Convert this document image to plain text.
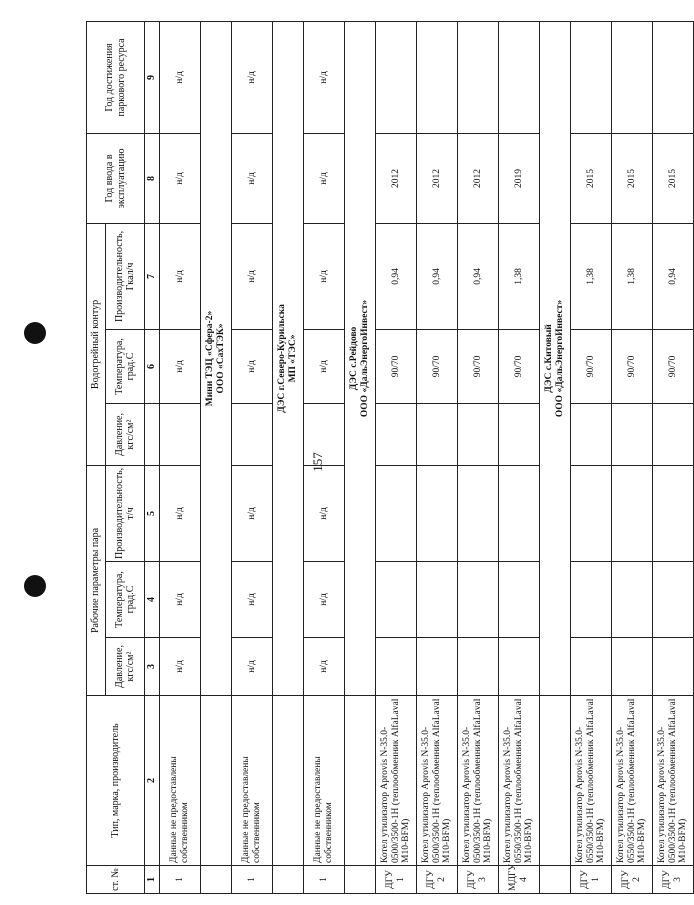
157
ст. №	Тип, марка, производитель	Рабочие параметры пара			Водогрейный контур			Год ввода в эксплуатацию	Год достижения паркового ресурса
		Давление, кгс/см²	Температура, град.С	Производительность, т/ч	Давление, кгс/см²	Температура, град.С	Производительность, Гкал/ч		
1	2	3	4	5		6	7	8	9
1	Данные не предоставлены собственником	н/д	н/д	н/д		н/д	н/д	н/д	н/д

		Мини ТЭЦ «Сфера-2» ООО «СахТЭК»							

1	Данные не предоставлены собственником	н/д	н/д	н/д		н/д	н/д	н/д	н/д

		ДЭС г.Северо-Курильска МП «ТЭС»							

1	Данные не предоставлены собственником	н/д	н/д	н/д		н/д	н/д	н/д	н/д

		ДЭС с.Рейдово ООО «ДальЭнергоИнвест»							

ДГУ 1	Котел утилизатор Aprovis N-35.0-0500/3500-1H (теплообменник AlfaLaval M10-BFM)					90/70	0,94	2012	
ДГУ 2	Котел утилизатор Aprovis N-35.0-0500/3500-1H (теплообменник AlfaLaval M10-BFM)					90/70	0,94	2012	
ДГУ 3	Котел утилизатор Aprovis N-35.0-0500/3500-1H (теплообменник AlfaLaval M10-BFM)					90/70	0,94	2012	
МДГУ 4	Котел утилизатор Aprovis N-35.0-0550/3500-1H (теплообменник AlfaLaval M10-BFM)					90/70	1,38	2019	

		ДЭС с.Китовый ООО «ДальЭнергоИнвест»							

ДГУ 1	Котел утилизатор Aprovis N-35.0-0550/3500-1H (теплообменник AlfaLaval M10-BFM)					90/70	1,38	2015	
ДГУ 2	Котел утилизатор Aprovis N-35.0-0550/3500-1H (теплообменник AlfaLaval M10-BFM)					90/70	1,38	2015	
ДГУ 3	Котел утилизатор Aprovis N-35.0-0500/3500-1H (теплообменник AlfaLaval M10-BFM)					90/70	0,94	2015	
